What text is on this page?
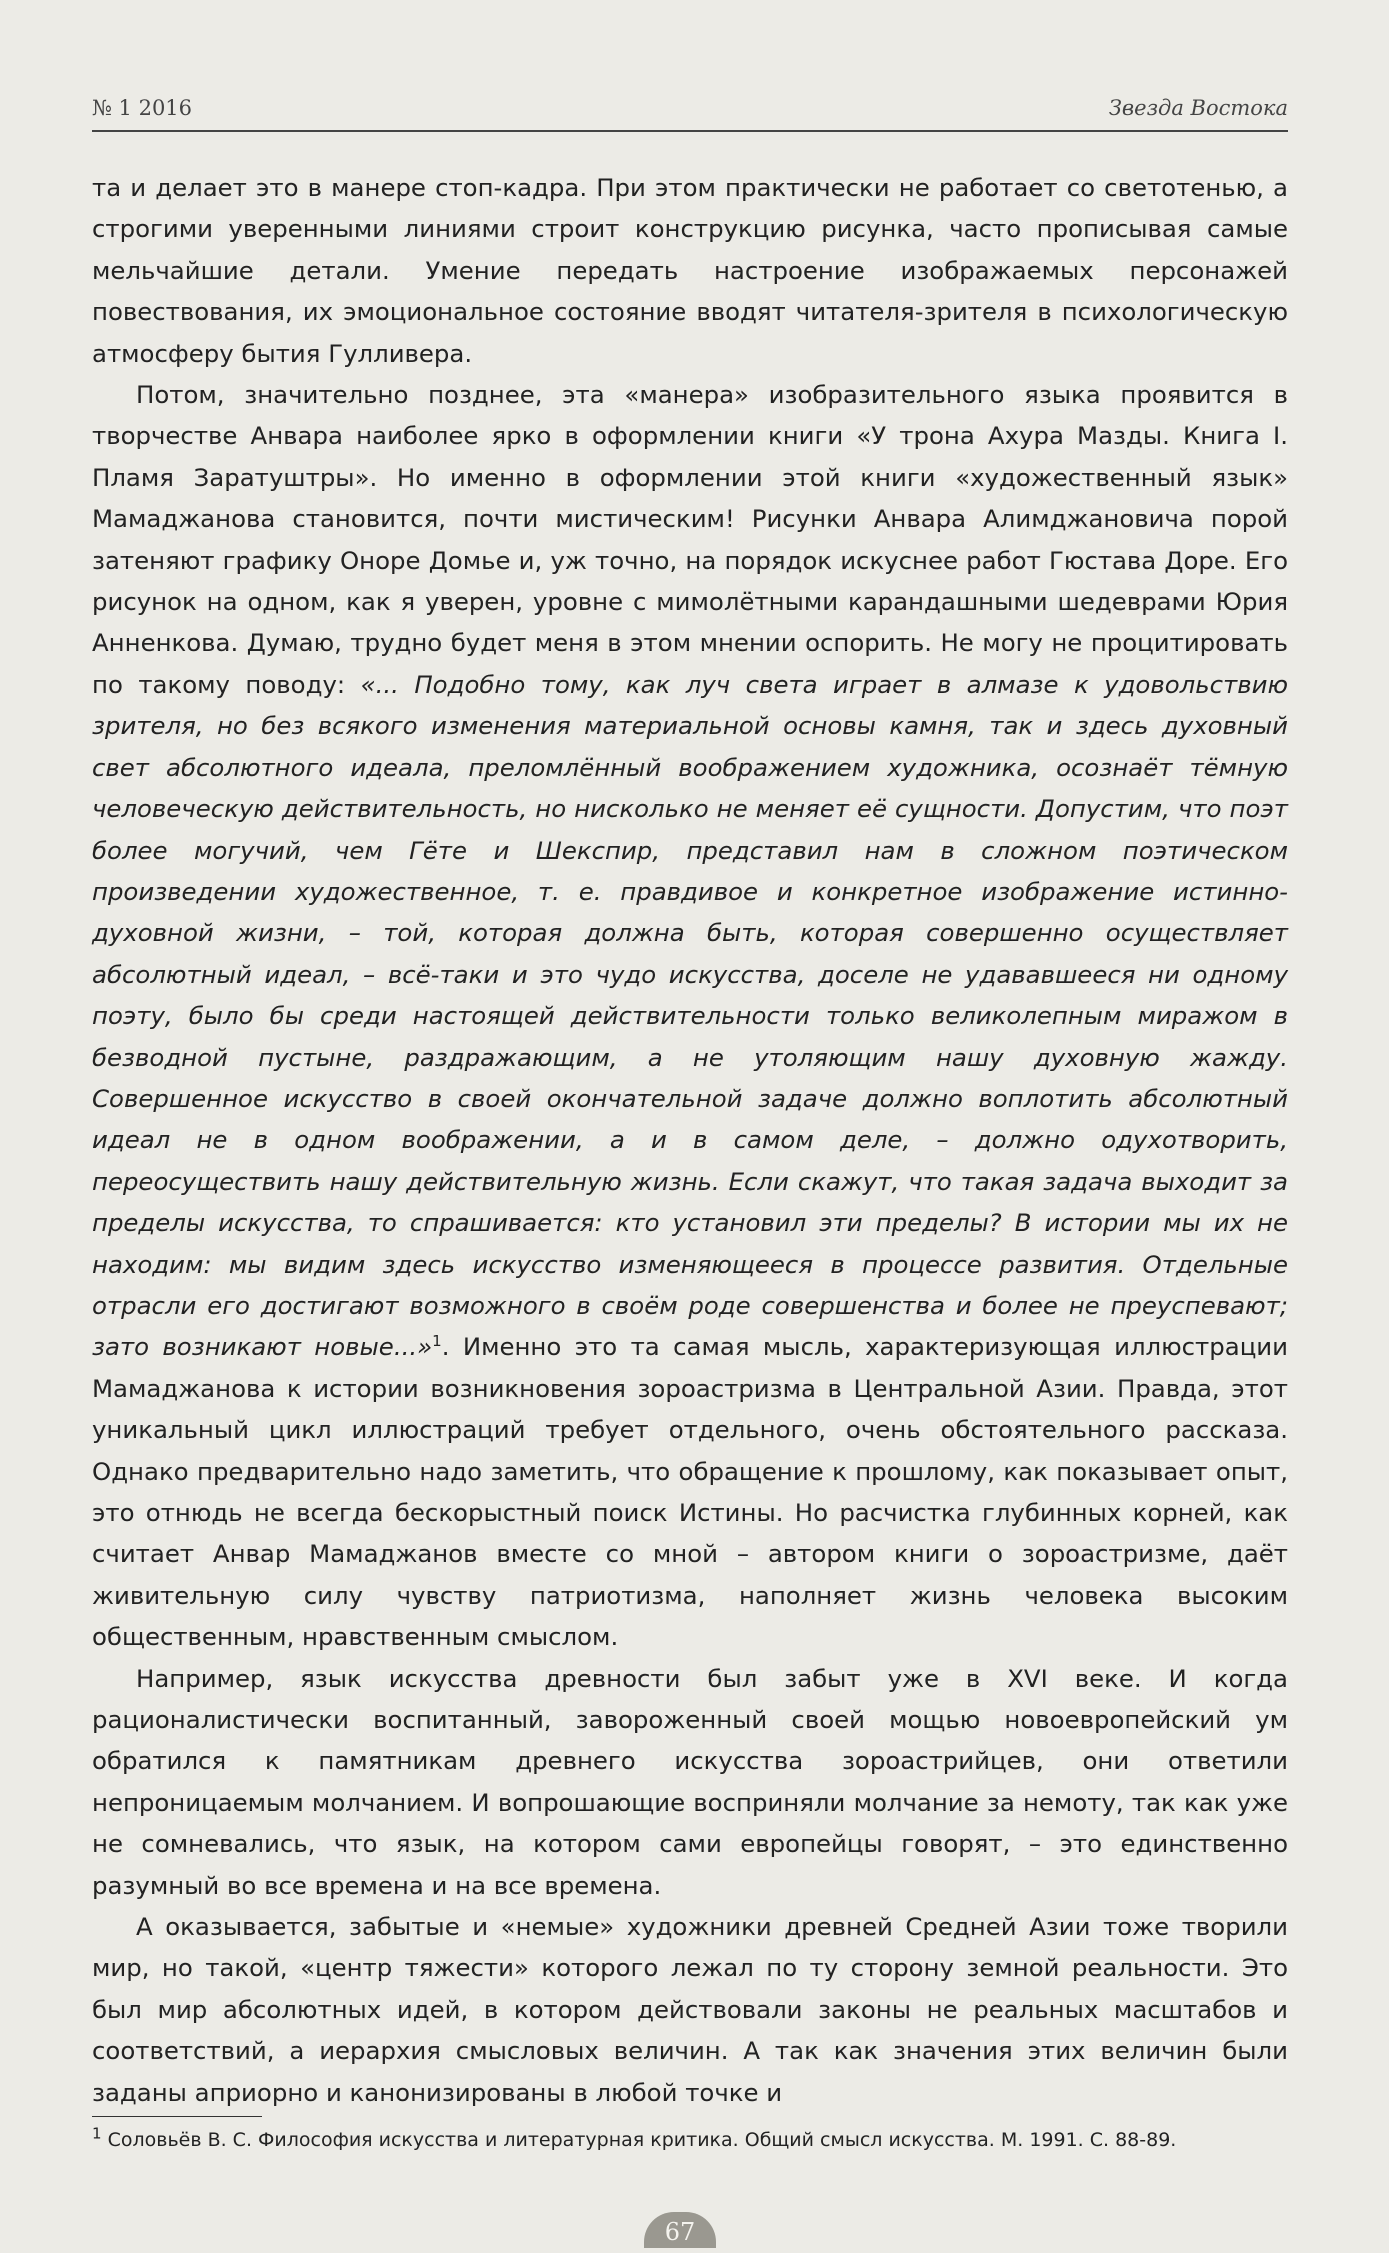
№ 1 2016	Звезда Востока

та и делает это в манере стоп-кадра. При этом практически не работает со светотенью, а строгими уверенными линиями строит конструкцию рисунка, часто прописывая самые мельчайшие детали. Умение передать настроение изображаемых персонажей повествования, их эмоциональное состояние вводят читателя-зрителя в психологическую атмосферу бытия Гулливера.

Потом, значительно позднее, эта «манера» изобразительного языка проявится в творчестве Анвара наиболее ярко в оформлении книги «У трона Ахура Мазды. Книга I. Пламя Заратуштры». Но именно в оформлении этой книги «художественный язык» Мамаджанова становится, почти мистическим! Рисунки Анвара Алимджановича порой затеняют графику Оноре Домье и, уж точно, на порядок искуснее работ Гюстава Доре. Его рисунок на одном, как я уверен, уровне с мимолётными карандашными шедеврами Юрия Анненкова. Думаю, трудно будет меня в этом мнении оспорить. Не могу не процитировать по такому поводу: «... Подобно тому, как луч света играет в алмазе к удовольствию зрителя, но без всякого изменения материальной основы камня, так и здесь духовный свет абсолютного идеала, преломлённый воображением художника, осознаёт тёмную человеческую действительность, но нисколько не меняет её сущности. Допустим, что поэт более могучий, чем Гёте и Шекспир, представил нам в сложном поэтическом произведении художественное, т. е. правдивое и конкретное изображение истинно-духовной жизни, – той, которая должна быть, которая совершенно осуществляет абсолютный идеал, – всё-таки и это чудо искусства, доселе не удававшееся ни одному поэту, было бы среди настоящей действительности только великолепным миражом в безводной пустыне, раздражающим, а не утоляющим нашу духовную жажду. Совершенное искусство в своей окончательной задаче должно воплотить абсолютный идеал не в одном воображении, а и в самом деле, – должно одухотворить, переосуществить нашу действительную жизнь. Если скажут, что такая задача выходит за пределы искусства, то спрашивается: кто установил эти пределы? В истории мы их не находим: мы видим здесь искусство изменяющееся в процессе развития. Отдельные отрасли его достигают возможного в своём роде совершенства и более не преуспевают; зато возникают новые...»$^1$. Именно это та самая мысль, характеризующая иллюстрации Мамаджанова к истории возникновения зороастризма в Центральной Азии. Правда, этот уникальный цикл иллюстраций требует отдельного, очень обстоятельного рассказа. Однако предварительно надо заметить, что обращение к прошлому, как показывает опыт, это отнюдь не всегда бескорыстный поиск Истины. Но расчистка глубинных корней, как считает Анвар Мамаджанов вместе со мной – автором книги о зороастризме, даёт живительную силу чувству патриотизма, наполняет жизнь человека высоким общественным, нравственным смыслом.

Например, язык искусства древности был забыт уже в XVI веке. И когда рационалистически воспитанный, завороженный своей мощью новоевропейский ум обратился к памятникам древнего искусства зороастрийцев, они ответили непроницаемым молчанием. И вопрошающие восприняли молчание за немоту, так как уже не сомневались, что язык, на котором сами европейцы говорят, – это единственно разумный во все времена и на все времена.

А оказывается, забытые и «немые» художники древней Средней Азии тоже творили мир, но такой, «центр тяжести» которого лежал по ту сторону земной реальности. Это был мир абсолютных идей, в котором действовали законы не реальных масштабов и соответствий, а иерархия смысловых величин. А так как значения этих величин были заданы априорно и канонизированы в любой точке и

$^1$ Соловьёв В. С. Философия искусства и литературная критика. Общий смысл искусства. М. 1991. С. 88-89.
67
